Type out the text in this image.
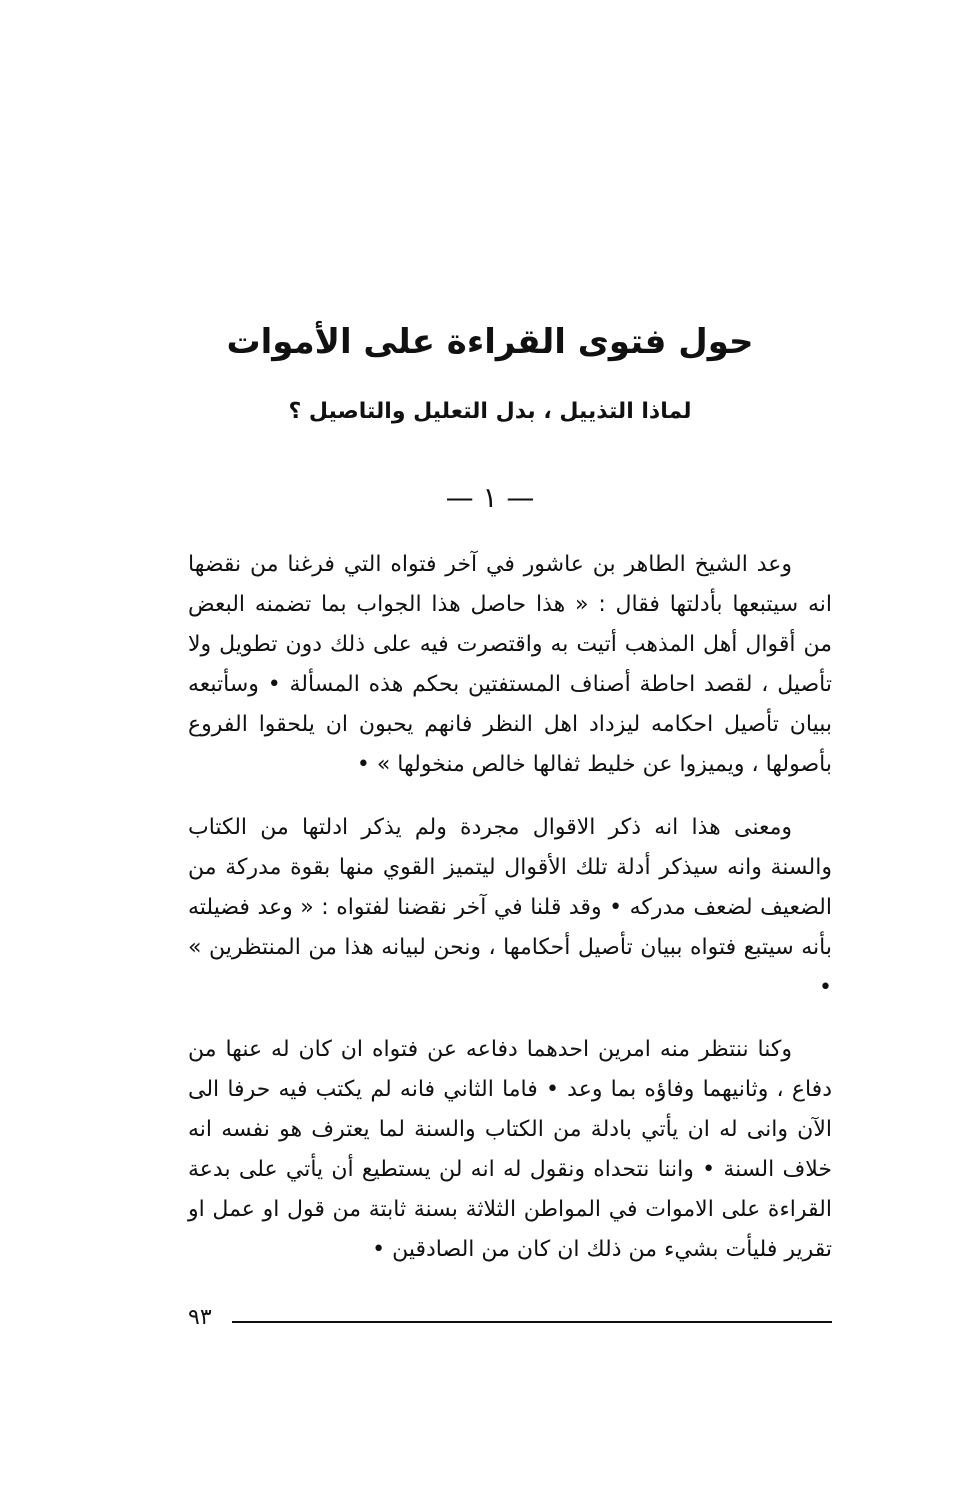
حول فتوى القراءة على الأموات
لماذا التذييل ، بدل التعليل والتاصيل ؟
— ١ —

وعد الشيخ الطاهر بن عاشور في آخر فتواه التي فرغنا من نقضها انه سيتبعها بأدلتها فقال : « هذا حاصل هذا الجواب بما تضمنه البعض من أقوال أهل المذهب أتيت به واقتصرت فيه على ذلك دون تطويل ولا تأصيل ، لقصد احاطة أصناف المستفتين بحكم هذه المسألة • وسأتبعه ببيان تأصيل احكامه ليزداد اهل النظر فانهم يحبون ان يلحقوا الفروع بأصولها ، ويميزوا عن خليط ثفالها خالص منخولها » •

ومعنى هذا انه ذكر الاقوال مجردة ولم يذكر ادلتها من الكتاب والسنة وانه سيذكر أدلة تلك الأقوال ليتميز القوي منها بقوة مدركة من الضعيف لضعف مدركه • وقد قلنا في آخر نقضنا لفتواه : « وعد فضيلته بأنه سيتبع فتواه ببيان تأصيل أحكامها ، ونحن لبيانه هذا من المنتظرين » •

وكنا ننتظر منه امرين احدهما دفاعه عن فتواه ان كان له عنها من دفاع ، وثانيهما وفاؤه بما وعد • فاما الثاني فانه لم يكتب فيه حرفا الى الآن وانى له ان يأتي بادلة من الكتاب والسنة لما يعترف هو نفسه انه خلاف السنة • واننا نتحداه ونقول له انه لن يستطيع أن يأتي على بدعة القراءة على الاموات في المواطن الثلاثة بسنة ثابتة من قول او عمل او تقرير فليأت بشيء من ذلك ان كان من الصادقين •

٩٣
